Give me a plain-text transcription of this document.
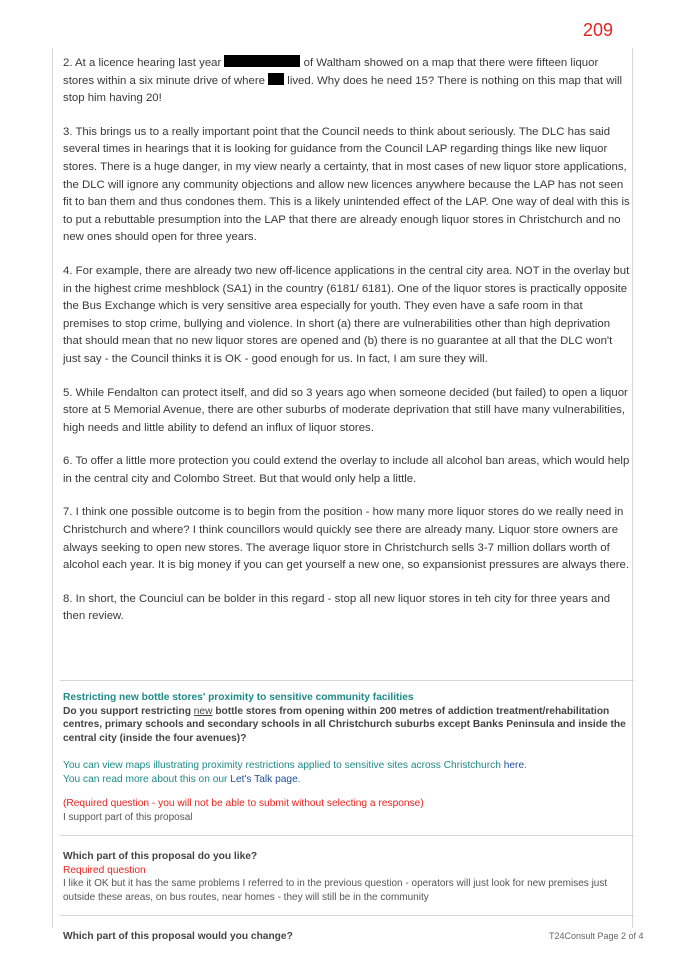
209

2. At a licence hearing last year	of Waltham showed on a map that there were fifteen liquor stores within a six minute drive of where lived. Why does he need 15? There is nothing on this map that will stop him having 20!

3. This brings us to a really important point that the Council needs to think about seriously. The DLC has said several times in hearings that it is looking for guidance from the Council LAP regarding things like new liquor stores. There is a huge danger, in my view nearly a certainty, that in most cases of new liquor store applications, the DLC will ignore any community objections and allow new licences anywhere because the LAP has not seen fit to ban them and thus condones them. This is a likely unintended effect of the LAP. One way of deal with this is to put a rebuttable presumption into the LAP that there are already enough liquor stores in Christchurch and no new ones should open for three years.

4. For example, there are already two new off-licence applications in the central city area. NOT in the overlay but in the highest crime meshblock (SA1) in the country (6181/ 6181). One of the liquor stores is practically opposite the Bus Exchange which is very sensitive area especially for youth. They even have a safe room in that premises to stop crime, bullying and violence. In short (a) there are vulnerabilities other than high deprivation that should mean that no new liquor stores are opened and (b) there is no guarantee at all that the DLC won't just say - the Council thinks it is OK - good enough for us. In fact, I am sure they will.

5. While Fendalton can protect itself, and did so 3 years ago when someone decided (but failed) to open a liquor store at 5 Memorial Avenue, there are other suburbs of moderate deprivation that still have many vulnerabilities, high needs and little ability to defend an influx of liquor stores.

6. To offer a little more protection you could extend the overlay to include all alcohol ban areas, which would help in the central city and Colombo Street. But that would only help a little.

7. I think one possible outcome is to begin from the position - how many more liquor stores do we really need in Christchurch and where? I think councillors would quickly see there are already many. Liquor store owners are always seeking to open new stores. The average liquor store in Christchurch sells 3-7 million dollars worth of alcohol each year. It is big money if you can get yourself a new one, so expansionist pressures are always there.

8. In short, the Counciul can be bolder in this regard - stop all new liquor stores in teh city for three years and then review.

Restricting new bottle stores' proximity to sensitive community facilities

Do you support restricting new bottle stores from opening within 200 metres of addiction treatment/rehabilitation centres, primary schools and secondary schools in all Christchurch suburbs except Banks Peninsula and inside the central city (inside the four avenues)?

You can view maps illustrating proximity restrictions applied to sensitive sites across Christchurch here.

You can read more about this on our Let's Talk page.

(Required question - you will not be able to submit without selecting a response)

I support part of this proposal

Which part of this proposal do you like?

Required question

I like it OK but it has the same problems I referred to in the previous question - operators will just look for new premises just outside these areas, on bus routes, near homes - they will still be in the community

Which part of this proposal would you change?	T24Consult Page 2 of 4
